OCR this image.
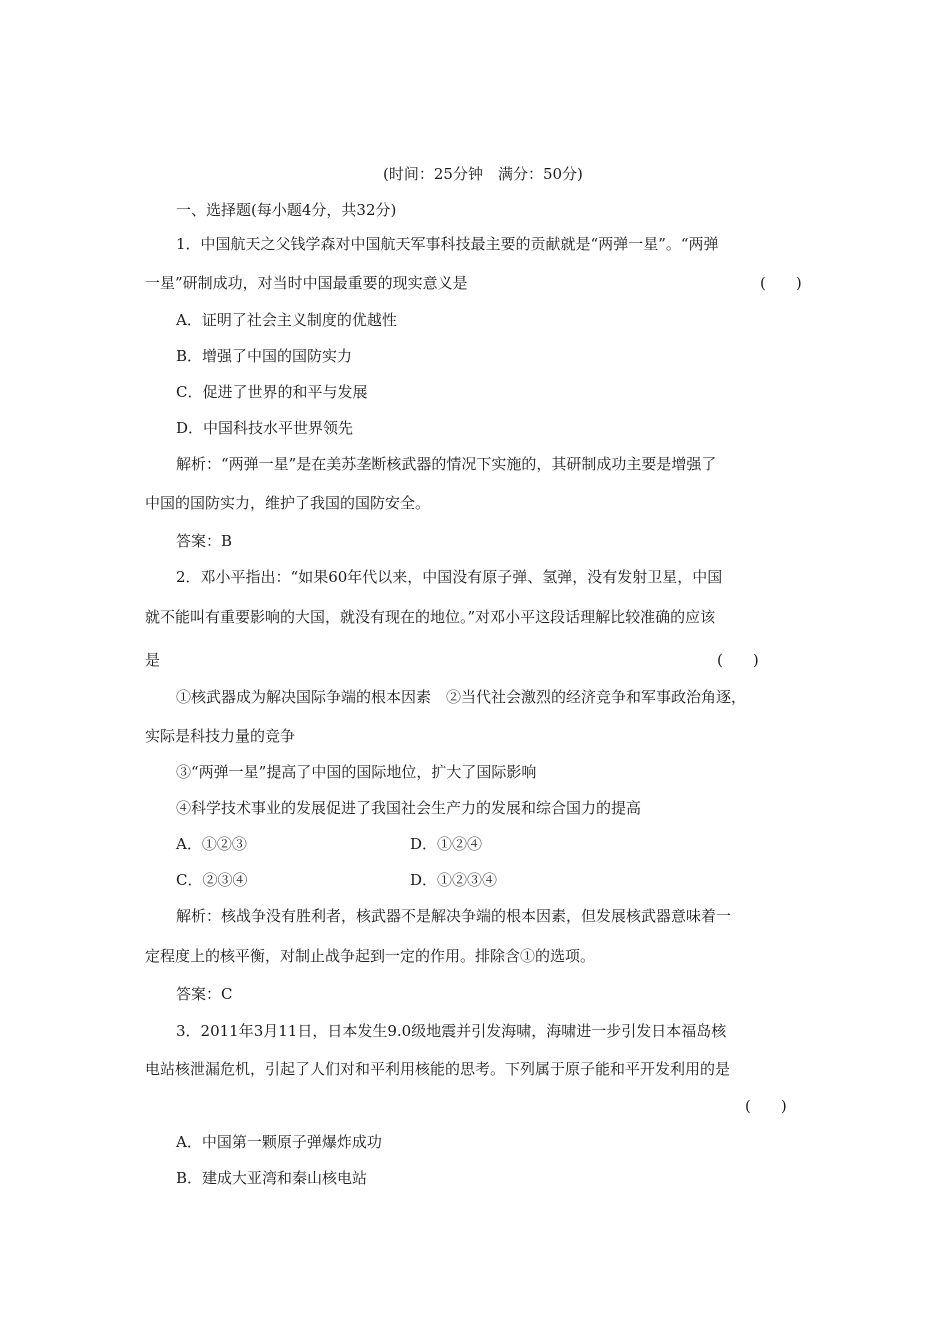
(时间：25分钟　满分：50分)
一、选择题(每小题4分，共32分)
1．中国航天之父钱学森对中国航天军事科技最主要的贡献就是“两弹一星”。“两弹
一星”研制成功，对当时中国最重要的现实意义是	(　　)
A．证明了社会主义制度的优越性
B．增强了中国的国防实力
C．促进了世界的和平与发展
D．中国科技水平世界领先
解析：“两弹一星”是在美苏垄断核武器的情况下实施的，其研制成功主要是增强了
中国的国防实力，维护了我国的国防安全。
答案：B
2．邓小平指出：“如果60年代以来，中国没有原子弹、氢弹，没有发射卫星，中国
就不能叫有重要影响的大国，就没有现在的地位。”对邓小平这段话理解比较准确的应该
是	(　　)
①核武器成为解决国际争端的根本因素　②当代社会激烈的经济竞争和军事政治角逐，
实际是科技力量的竞争
③“两弹一星”提高了中国的国际地位，扩大了国际影响
④科学技术事业的发展促进了我国社会生产力的发展和综合国力的提高
A．①②③	D．①②④
C．②③④	D．①②③④
解析：核战争没有胜利者，核武器不是解决争端的根本因素，但发展核武器意味着一
定程度上的核平衡，对制止战争起到一定的作用。排除含①的选项。
答案：C
3．2011年3月11日，日本发生9.0级地震并引发海啸，海啸进一步引发日本福岛核
电站核泄漏危机，引起了人们对和平利用核能的思考。下列属于原子能和平开发利用的是
(　　)
A．中国第一颗原子弹爆炸成功
B．建成大亚湾和秦山核电站
